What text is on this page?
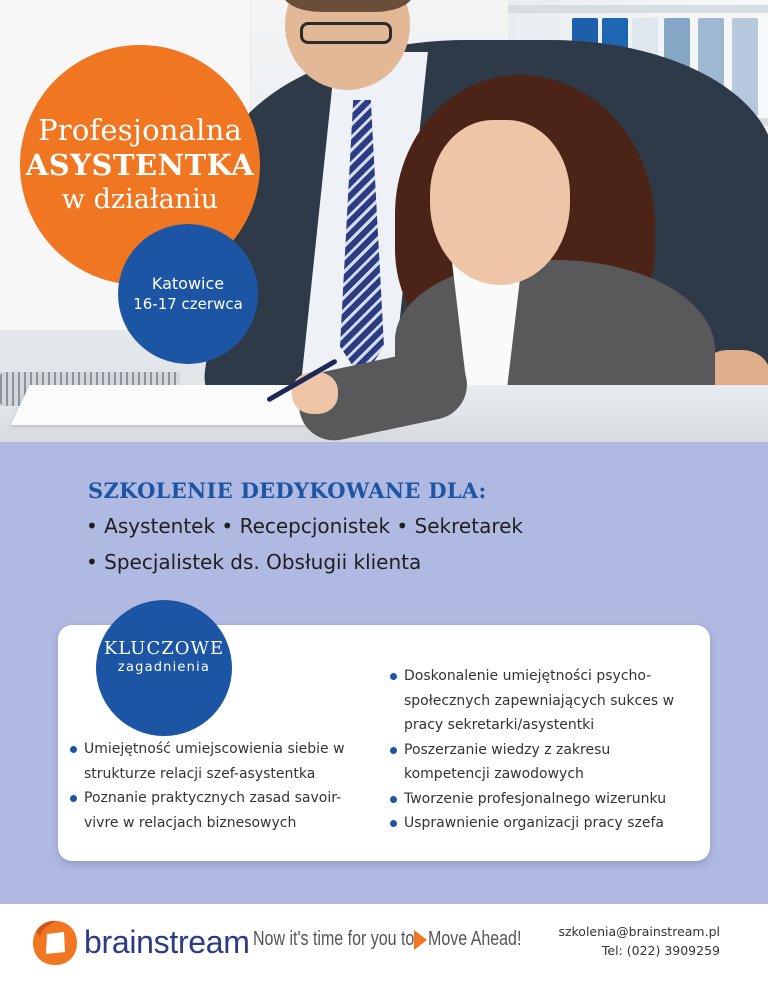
Profesjonalna
ASYSTENTKA
w działaniu
Katowice
16-17 czerwca
SZKOLENIE DEDYKOWANE DLA:
• Asystentek • Recepcjonistek • Sekretarek
• Specjalistek ds. Obsługii klienta
KLUCZOWE
zagadnienia
Umiejętność umiejscowienia siebie w strukturze relacji szef-asystentka
Poznanie praktycznych zasad savoir-vivre w relacjach biznesowych
Doskonalenie umiejętności psycho-społecznych zapewniających sukces w pracy sekretarki/asystentki
Poszerzanie wiedzy z zakresu kompetencji zawodowych
Tworzenie profesjonalnego wizerunku
Usprawnienie organizacji pracy szefa
brainstream Now it's time for you to Move Ahead!	szkolenia@brainstream.pl
Tel: (022) 3909259
